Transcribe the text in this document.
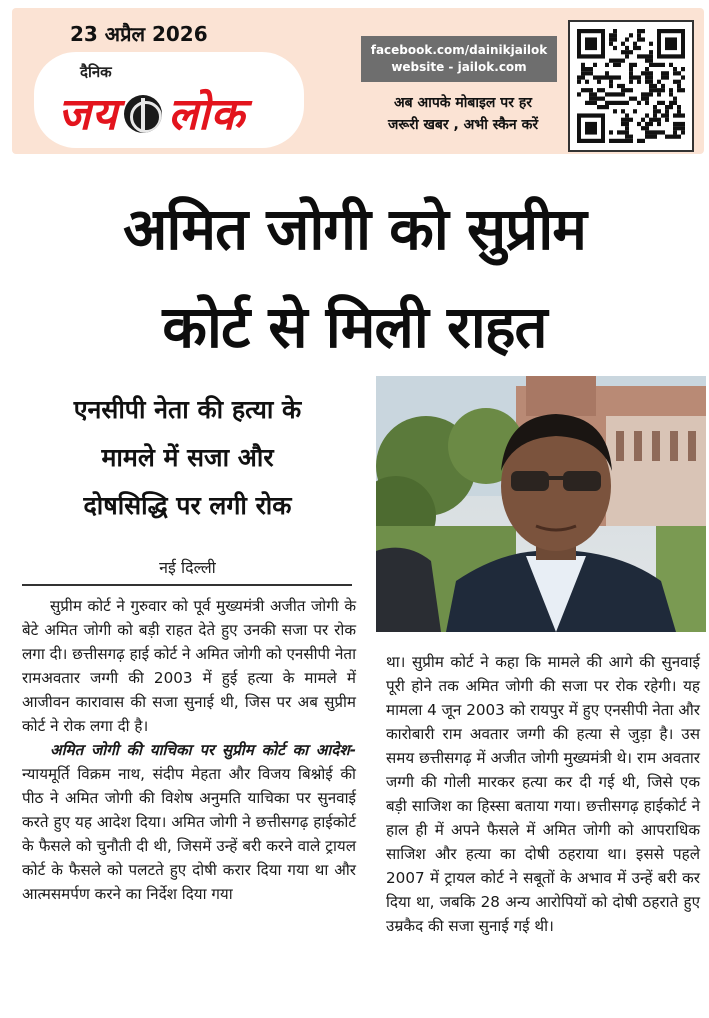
23 अप्रैल 2026
दैनिक
जय लोक
facebook.com/dainikjailok
website - jailok.com
अब आपके मोबाइल पर हर
जरूरी खबर , अभी स्कैन करें
अमित जोगी को सुप्रीम
कोर्ट से मिली राहत
एनसीपी नेता की हत्या के
मामले में सजा और
दोषसिद्धि पर लगी रोक
नई दिल्ली

सुप्रीम कोर्ट ने गुरुवार को पूर्व मुख्यमंत्री अजीत जोगी के बेटे अमित जोगी को बड़ी राहत देते हुए उनकी सजा पर रोक लगा दी। छत्तीसगढ़ हाई कोर्ट ने अमित जोगी को एनसीपी नेता रामअवतार जग्गी की 2003 में हुई हत्या के मामले में आजीवन कारावास की सजा सुनाई थी, जिस पर अब सुप्रीम कोर्ट ने रोक लगा दी है।

अमित जोगी की याचिका पर सुप्रीम कोर्ट का आदेश- न्यायमूर्ति विक्रम नाथ, संदीप मेहता और विजय बिश्नोई की पीठ ने अमित जोगी की विशेष अनुमति याचिका पर सुनवाई करते हुए यह आदेश दिया। अमित जोगी ने छत्तीसगढ़ हाईकोर्ट के फैसले को चुनौती दी थी, जिसमें उन्हें बरी करने वाले ट्रायल कोर्ट के फैसले को पलटते हुए दोषी करार दिया गया था और आत्मसमर्पण करने का निर्देश दिया गया

था। सुप्रीम कोर्ट ने कहा कि मामले की आगे की सुनवाई पूरी होने तक अमित जोगी की सजा पर रोक रहेगी। यह मामला 4 जून 2003 को रायपुर में हुए एनसीपी नेता और कारोबारी राम अवतार जग्गी की हत्या से जुड़ा है। उस समय छत्तीसगढ़ में अजीत जोगी मुख्यमंत्री थे। राम अवतार जग्गी की गोली मारकर हत्या कर दी गई थी, जिसे एक बड़ी साजिश का हिस्सा बताया गया। छत्तीसगढ़ हाईकोर्ट ने हाल ही में अपने फैसले में अमित जोगी को आपराधिक साजिश और हत्या का दोषी ठहराया था। इससे पहले 2007 में ट्रायल कोर्ट ने सबूतों के अभाव में उन्हें बरी कर दिया था, जबकि 28 अन्य आरोपियों को दोषी ठहराते हुए उम्रकैद की सजा सुनाई गई थी।
